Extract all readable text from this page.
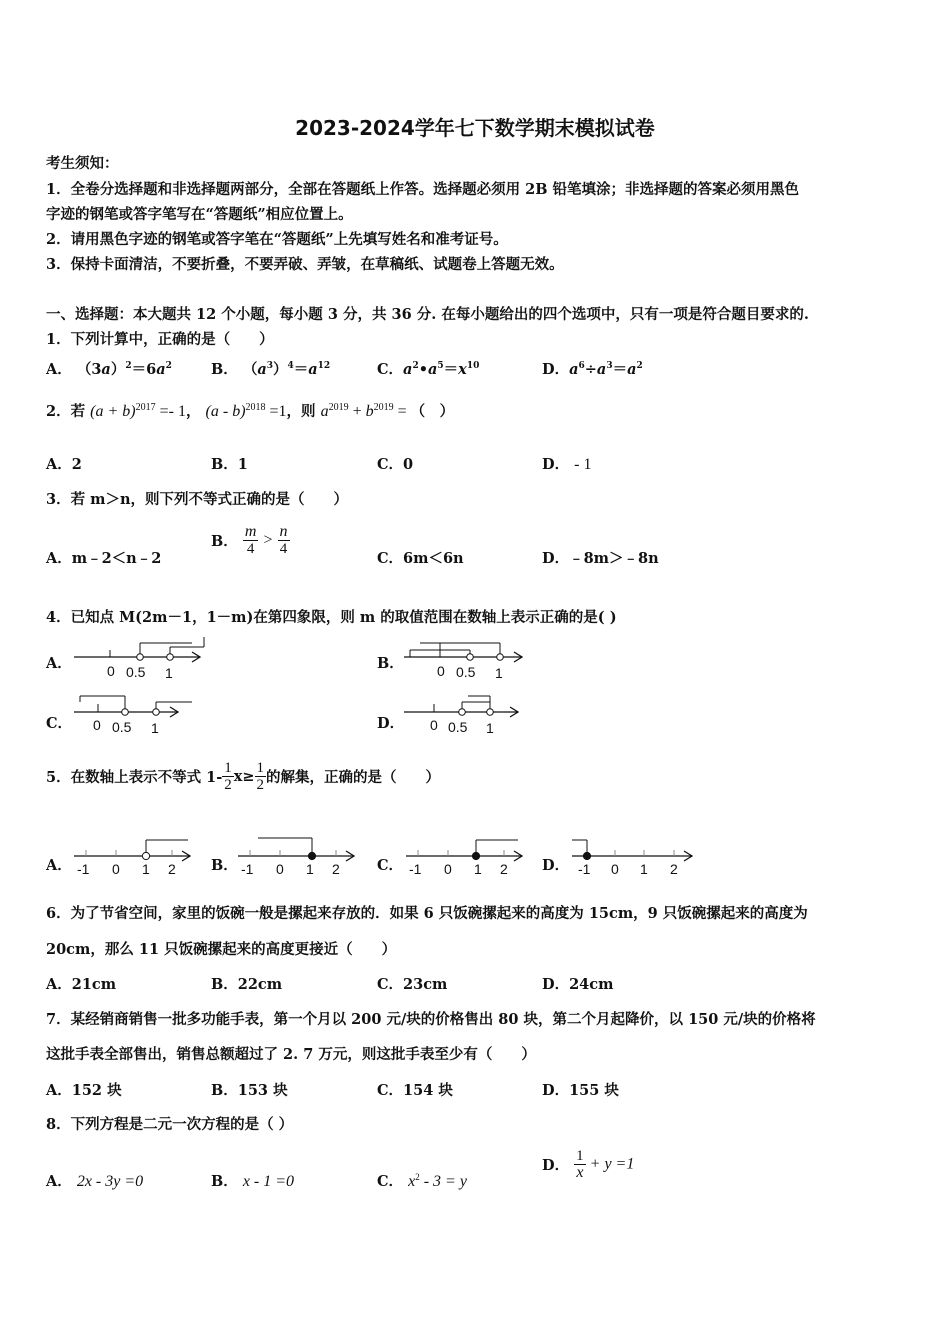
2023-2024学年七下数学期末模拟试卷
考生须知：
1．全卷分选择题和非选择题两部分，全部在答题纸上作答。选择题必须用 2B 铅笔填涂；非选择题的答案必须用黑色
字迹的钢笔或答字笔写在“答题纸”相应位置上。
2．请用黑色字迹的钢笔或答字笔在“答题纸”上先填写姓名和准考证号。
3．保持卡面清洁，不要折叠，不要弄破、弄皱，在草稿纸、试题卷上答题无效。
一、选择题：本大题共 12 个小题，每小题 3 分，共 36 分. 在每小题给出的四个选项中，只有一项是符合题目要求的.
1．下列计算中，正确的是（　　）
A． $(3a)^2=6a^2$	B． $(a^3)^4=a^{12}$	C．$a^2•a^5=x^{10}$	D．$a^6\div a^3=a^2$
2．若 $(a + b)^{2017} =- 1$， (a - b)$^{2018}$ =1，则 $a^{2019} + b^{2019}$ = （　）
A．2	B．1	C．0	D． - 1
3．若 m＞n，则下列不等式正确的是（　　）
A．m﹣2＜n﹣2
B． $\frac{m}{4} > \frac{n}{4}$
C．6m＜6n	D．﹣8m＞﹣8n
4．已知点 M(2m－1，1－m)在第四象限，则 m 的取值范围在数轴上表示正确的是( )
A．	B．
C．	D．
0 0.5 1	0 0.5 1
0 0.5 1	0 0.5 1
5．在数轴上表示不等式 $1- \frac{1}{2} x\ge \frac{1}{2}$ 的解集，正确的是（　　）
A．	B．	C．	D．
-1 0 1 2	-1 0 1 2	-1 0 1 2	-1 0 1 2
6．为了节省空间，家里的饭碗一般是摞起来存放的．如果 6 只饭碗摞起来的高度为 15cm，9 只饭碗摞起来的高度为
20cm，那么 11 只饭碗摞起来的高度更接近（　　）
A．21cm	B．22cm	C．23cm	D．24cm
7．某经销商销售一批多功能手表，第一个月以 200 元/块的价格售出 80 块，第二个月起降价，以 150 元/块的价格将
这批手表全部售出，销售总额超过了 2. 7 万元，则这批手表至少有（　　）
A．152 块	B．153 块	C．154 块	D．155 块
8．下列方程是二元一次方程的是（ ）
A． 2x - 3y =0	B． x - 1 =0	C． $x^2 - 3 = y$
D． $\frac{1}{x} + y =1$
